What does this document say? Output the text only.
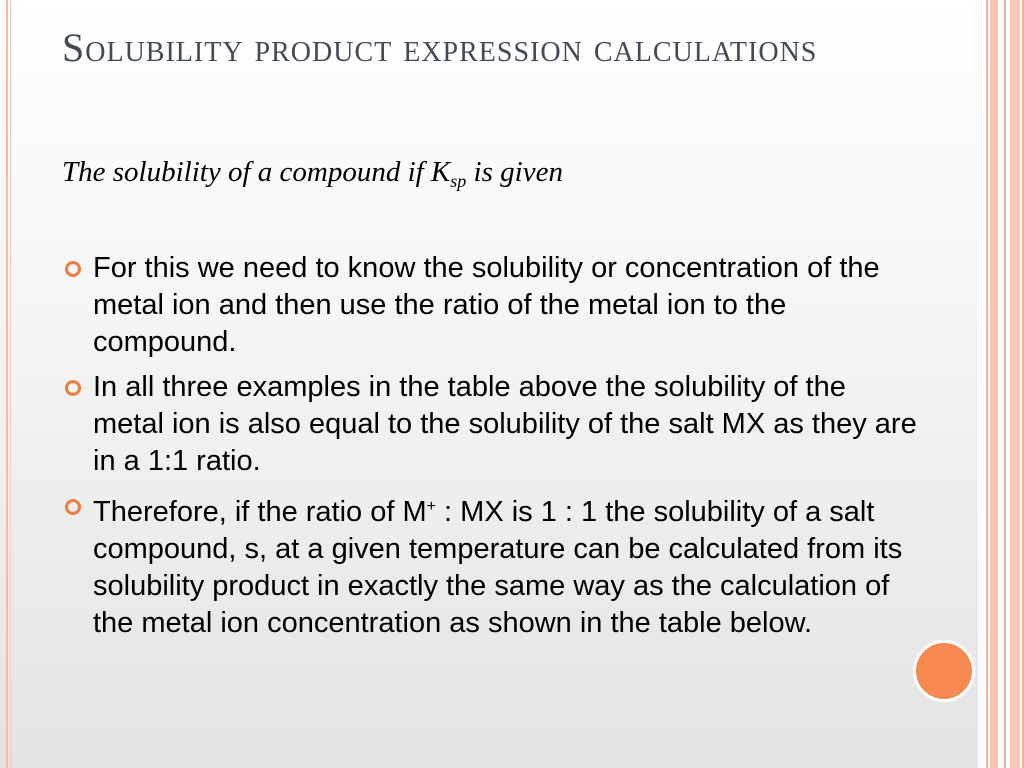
Solubility product expression calculations

The solubility of a compound if $K_{sp}$ is given

For this we need to know the solubility or concentration of the metal ion and then use the ratio of the metal ion to the compound.
In all three examples in the table above the solubility of the metal ion is also equal to the solubility of the salt MX as they are in a 1:1 ratio.
Therefore, if the ratio of M+ : MX is 1 : 1 the solubility of a salt compound, s, at a given temperature can be calculated from its solubility product in exactly the same way as the calculation of the metal ion concentration as shown in the table below.
